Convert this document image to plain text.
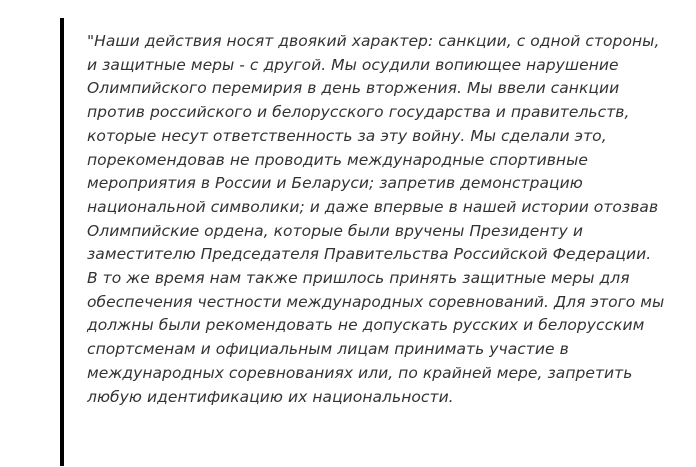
"Наши действия носят двоякий характер: санкции, с одной стороны,
и защитные меры - с другой. Мы осудили вопиющее нарушение
Олимпийского перемирия в день вторжения. Мы ввели санкции
против российского и белорусского государства и правительств,
которые несут ответственность за эту войну. Мы сделали это,
порекомендовав не проводить международные спортивные
мероприятия в России и Беларуси; запретив демонстрацию
национальной символики; и даже впервые в нашей истории отозвав
Олимпийские ордена, которые были вручены Президенту и
заместителю Председателя Правительства Российской Федерации.
В то же время нам также пришлось принять защитные меры для
обеспечения честности международных соревнований. Для этого мы
должны были рекомендовать не допускать русских и белорусским
спортсменам и официальным лицам принимать участие в
международных соревнованиях или, по крайней мере, запретить
любую идентификацию их национальности.
